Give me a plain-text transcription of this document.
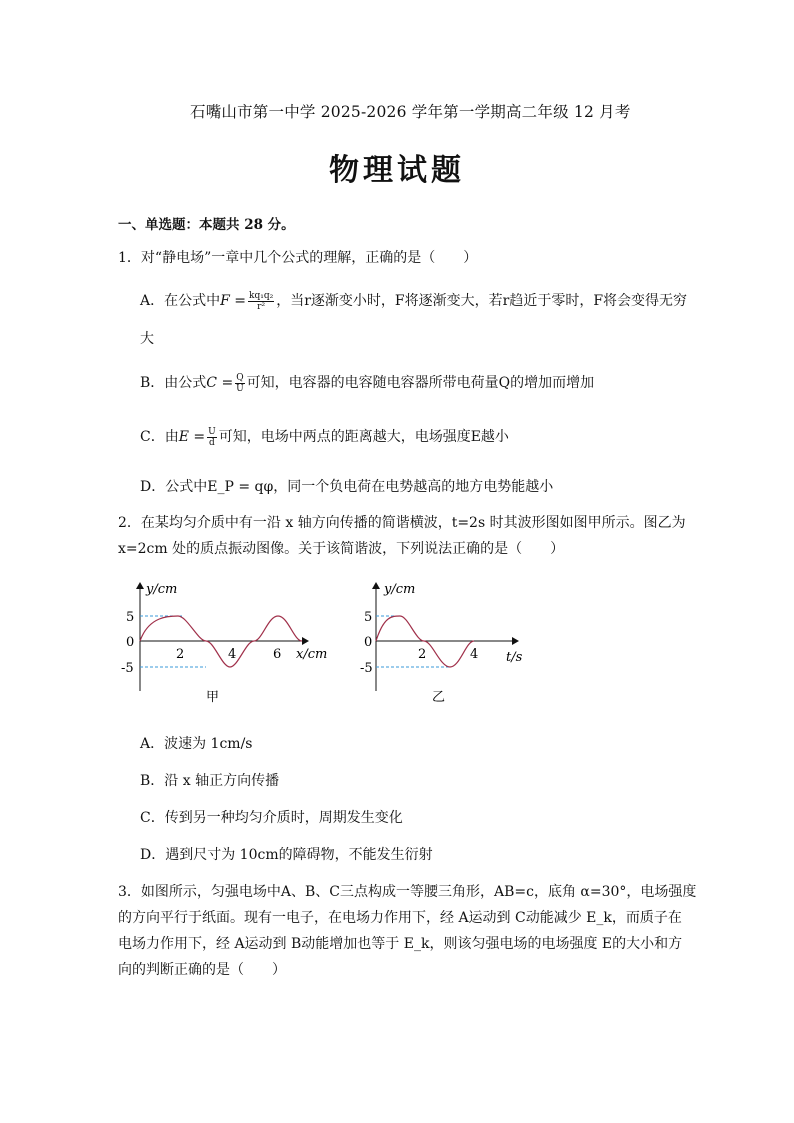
石嘴山市第一中学 2025-2026 学年第一学期高二年级 12 月考
物理试题
一、单选题：本题共 28 分。
1．对“静电场”一章中几个公式的理解，正确的是（　　）
A．在公式中$F = \frac{\text{kq₁q₂}}{\text{r²}}$ ，当r逐渐变小时，F将逐渐变大，若r趋近于零时，F将会变得无穷
大
B．由公式$C = \frac{Q}{U}$ 可知，电容器的电容随电容器所带电荷量Q的增加而增加
C．由$E = \frac{U}{d}$ 可知，电场中两点的距离越大，电场强度E越小
D．公式中E_P = qφ，同一个负电荷在电势越高的地方电势能越小
2．在某均匀介质中有一沿 x 轴方向传播的简谐横波，t=2s 时其波形图如图甲所示。图乙为
x=2cm 处的质点振动图像。关于该简谐波，下列说法正确的是（　　）
y/cm
5
0
-5
2	4	6 x/cm
甲
y/cm
5
0
-5
2	4 t/s
乙
A．波速为 1cm/s
B．沿 x 轴正方向传播
C．传到另一种均匀介质时，周期发生变化
D．遇到尺寸为 10cm的障碍物，不能发生衍射
3．如图所示，匀强电场中A、B、C三点构成一等腰三角形，AB=c，底角 α=30°，电场强度
的方向平行于纸面。现有一电子，在电场力作用下，经 A运动到 C动能减少 E_k，而质子在
电场力作用下，经 A运动到 B动能增加也等于 E_k，则该匀强电场的电场强度 E的大小和方
向的判断正确的是（　　）
